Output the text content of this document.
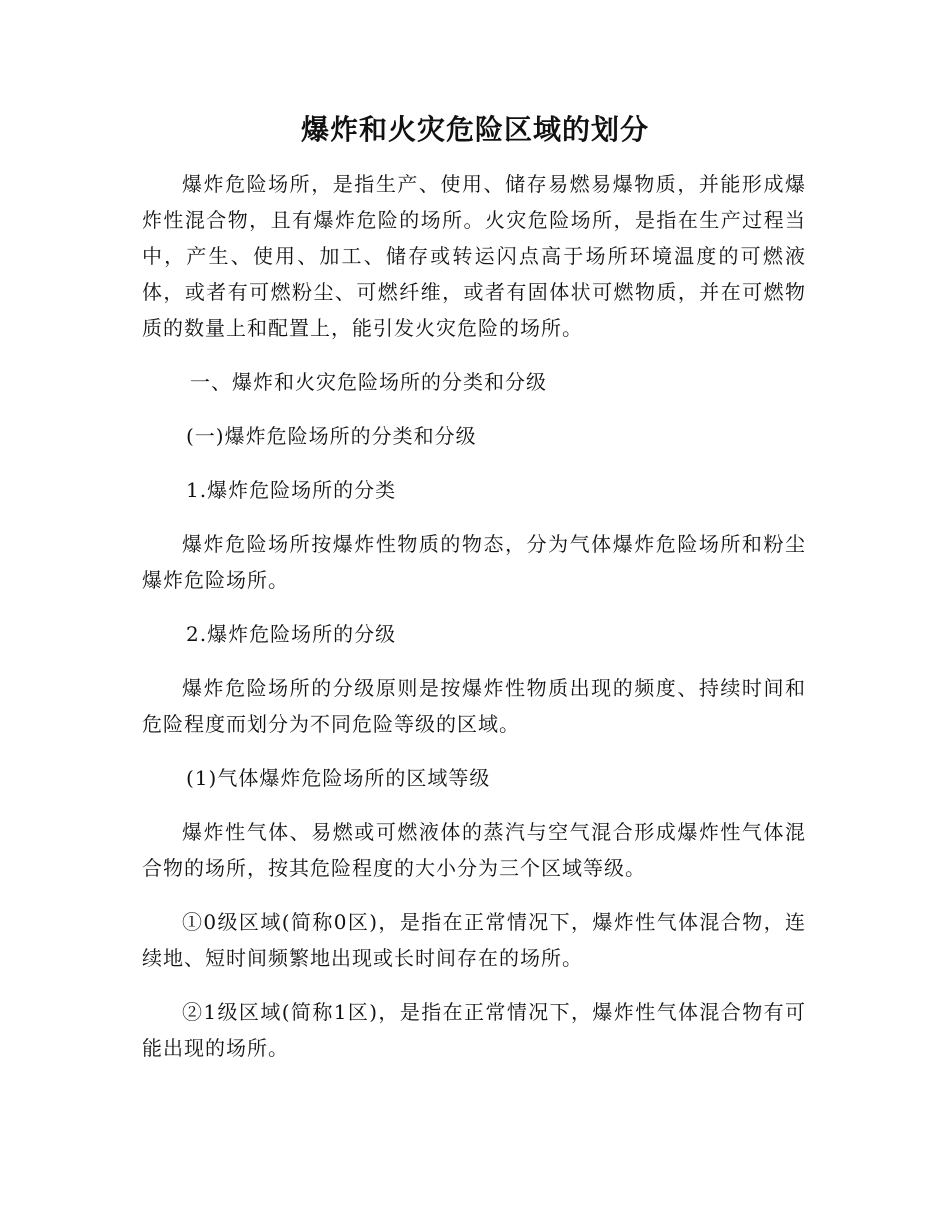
爆炸和火灾危险区域的划分

爆炸危险场所，是指生产、使用、储存易燃易爆物质，并能形成爆炸性混合物，且有爆炸危险的场所。火灾危险场所，是指在生产过程当中，产生、使用、加工、储存或转运闪点高于场所环境温度的可燃液体，或者有可燃粉尘、可燃纤维，或者有固体状可燃物质，并在可燃物质的数量上和配置上，能引发火灾危险的场所。

一、爆炸和火灾危险场所的分类和分级

(一)爆炸危险场所的分类和分级

1.爆炸危险场所的分类

爆炸危险场所按爆炸性物质的物态，分为气体爆炸危险场所和粉尘爆炸危险场所。

2.爆炸危险场所的分级

爆炸危险场所的分级原则是按爆炸性物质出现的频度、持续时间和危险程度而划分为不同危险等级的区域。

(1)气体爆炸危险场所的区域等级

爆炸性气体、易燃或可燃液体的蒸汽与空气混合形成爆炸性气体混合物的场所，按其危险程度的大小分为三个区域等级。

①0级区域(简称0区)，是指在正常情况下，爆炸性气体混合物，连续地、短时间频繁地出现或长时间存在的场所。

②1级区域(简称1区)，是指在正常情况下，爆炸性气体混合物有可能出现的场所。
